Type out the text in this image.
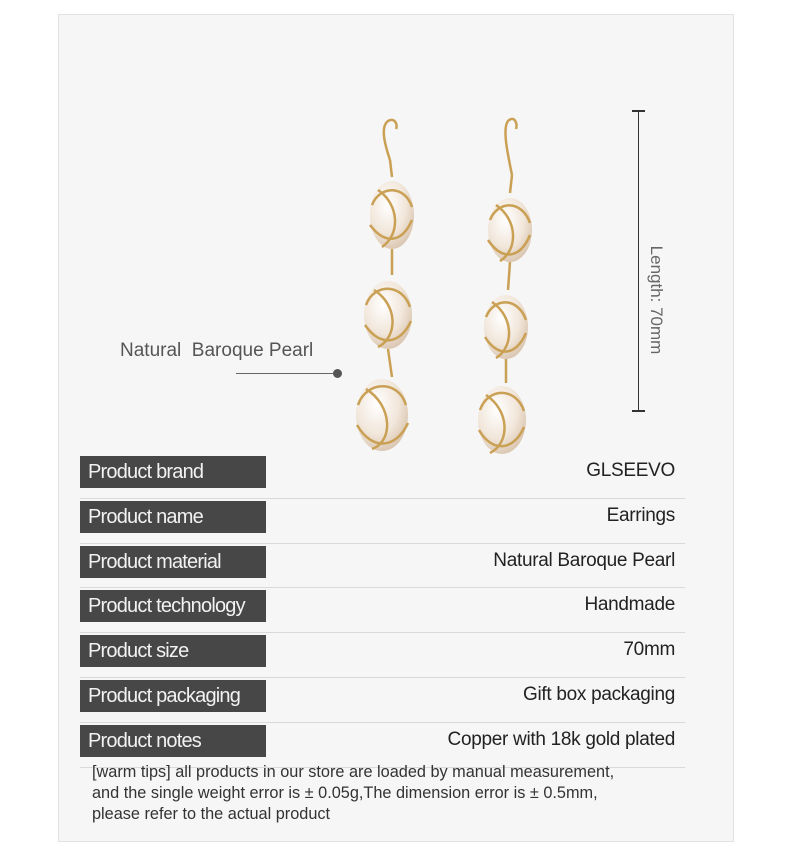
Natural  Baroque Pearl	Length: 70mm
Product brand	GLSEEVO
Product name	Earrings
Product material	Natural Baroque Pearl
Product technology	Handmade
Product size	70mm
Product packaging	Gift box packaging
Product notes	Copper with 18k gold plated
[warm tips] all products in our store are loaded by manual measurement,
and the single weight error is ± 0.05g,The dimension error is ± 0.5mm,
please refer to the actual product
